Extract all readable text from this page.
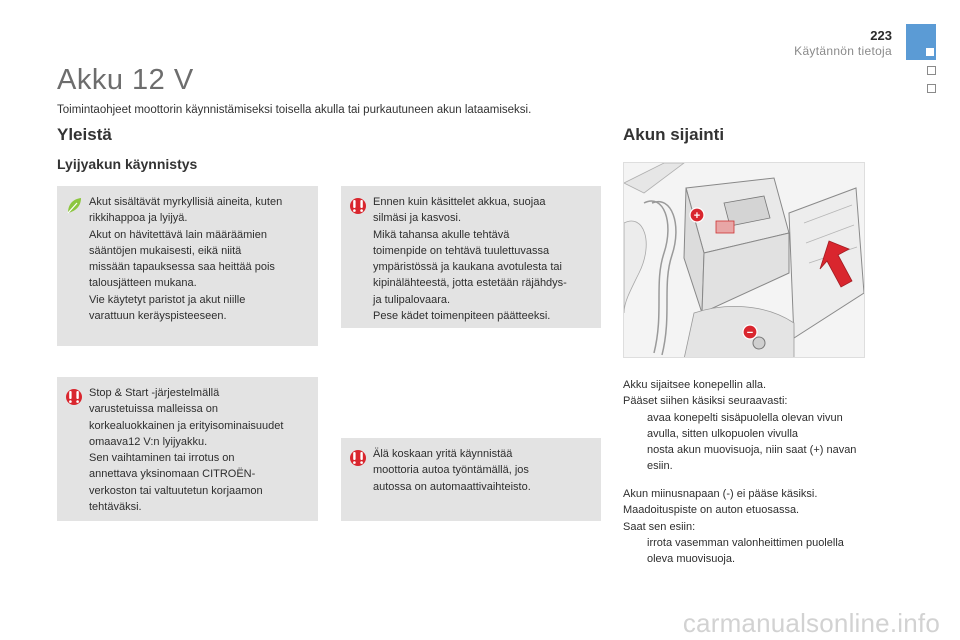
223
Käytännön tietoja
Akku 12 V
Toimintaohjeet moottorin käynnistämiseksi toisella akulla tai purkautuneen akun lataamiseksi.
Yleistä
Lyijyakun käynnistys
Akun sijainti
Akut sisältävät myrkyllisiä aineita, kuten
rikkihappoa ja lyijyä.
Akut on hävitettävä lain määräämien
sääntöjen mukaisesti, eikä niitä
missään tapauksessa saa heittää pois
talousjätteen mukana.
Vie käytetyt paristot ja akut niille
varattuun keräyspisteeseen.
Ennen kuin käsittelet akkua, suojaa
silmäsi ja kasvosi.
Mikä tahansa akulle tehtävä
toimenpide on tehtävä tuulettuvassa
ympäristössä ja kaukana avotulesta tai
kipinälähteestä, jotta estetään räjähdys-
ja tulipalovaara.
Pese kädet toimenpiteen päätteeksi.
Stop & Start -järjestelmällä
varustetuissa malleissa on
korkealuokkainen ja erityisominaisuudet
omaava12 V:n lyijyakku.
Sen vaihtaminen tai irrotus on
annettava yksinomaan CITROËN-
verkoston tai valtuutetun korjaamon
tehtäväksi.
Älä koskaan yritä käynnistää
moottoria autoa työntämällä, jos
autossa on automaattivaihteisto.
+
−
Akku sijaitsee konepellin alla.
Pääset siihen käsiksi seuraavasti:
avaa konepelti sisäpuolella olevan vivun
avulla, sitten ulkopuolen vivulla
nosta akun muovisuoja, niin saat (+) navan
esiin.
Akun miinusnapaan (-) ei pääse käsiksi.
Maadoituspiste on auton etuosassa.
Saat sen esiin:
irrota vasemman valonheittimen puolella
oleva muovisuoja.
carmanualsonline.info
